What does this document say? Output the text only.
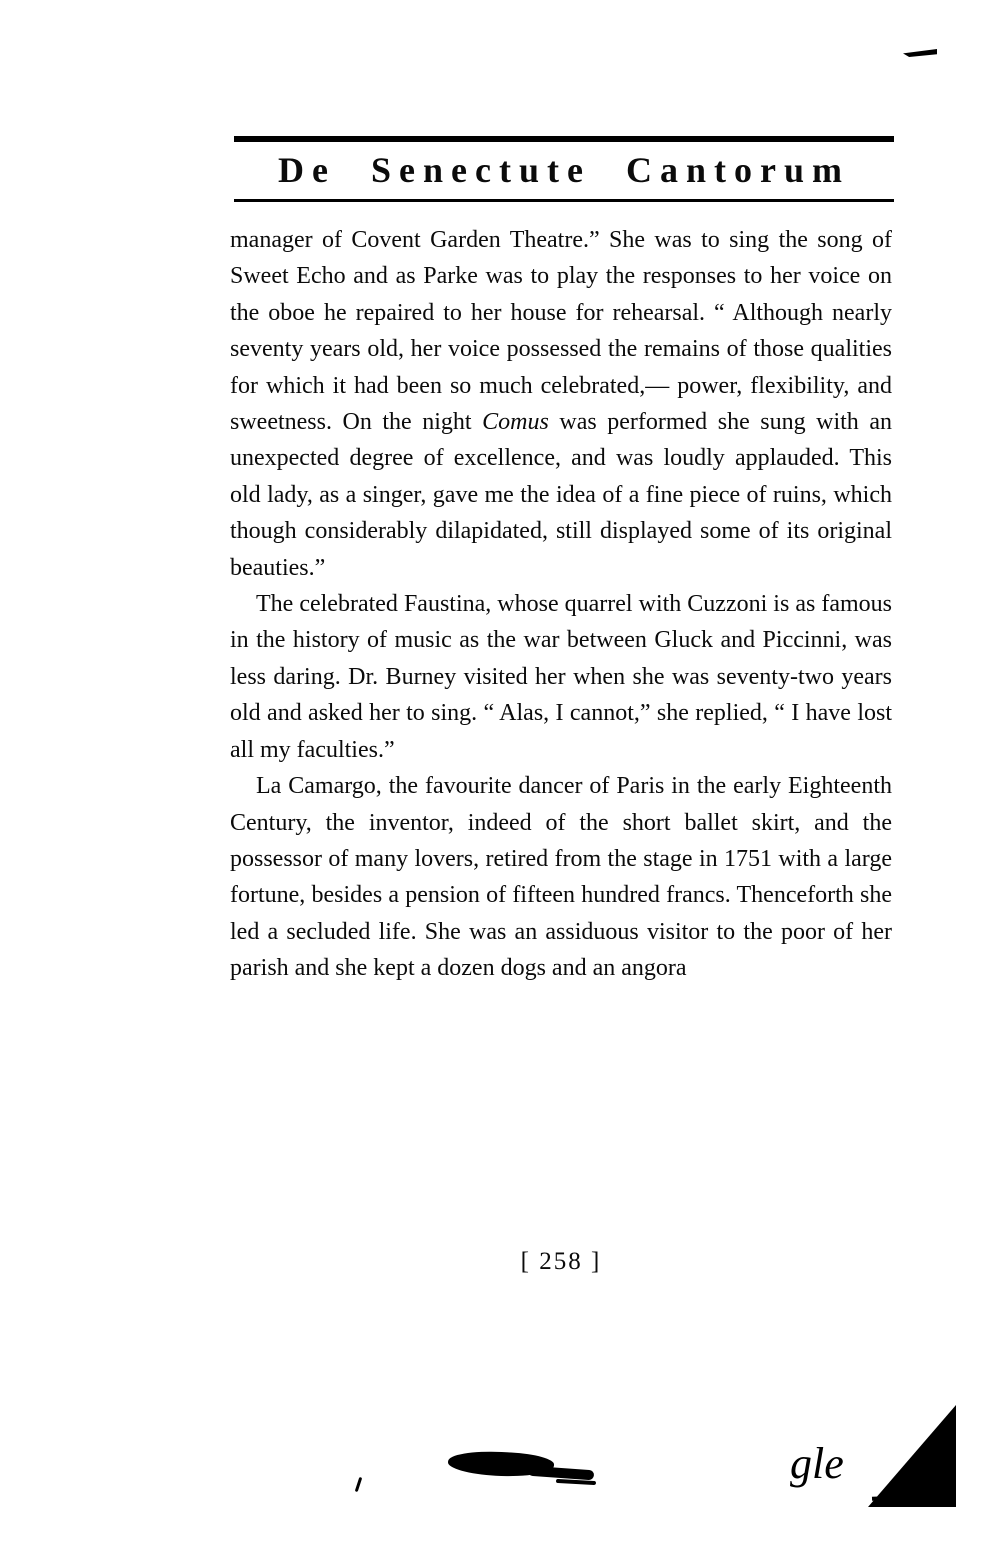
De Senectute Cantorum

manager of Covent Garden Theatre.” She was to sing the song of Sweet Echo and as Parke was to play the responses to her voice on the oboe he repaired to her house for rehearsal. “ Although nearly seventy years old, her voice possessed the remains of those qualities for which it had been so much celebrated,— power, flexibility, and sweetness. On the night Comus was performed she sung with an unexpected degree of excellence, and was loudly applauded. This old lady, as a singer, gave me the idea of a fine piece of ruins, which though considerably dilapidated, still displayed some of its original beauties.”

The celebrated Faustina, whose quarrel with Cuzzoni is as famous in the history of music as the war between Gluck and Piccinni, was less daring. Dr. Burney visited her when she was seventy-two years old and asked her to sing. “ Alas, I cannot,” she replied, “ I have lost all my faculties.”

La Camargo, the favourite dancer of Paris in the early Eighteenth Century, the inventor, indeed of the short ballet skirt, and the possessor of many lovers, retired from the stage in 1751 with a large fortune, besides a pension of fifteen hundred francs. Thenceforth she led a secluded life. She was an assiduous visitor to the poor of her parish and she kept a dozen dogs and an angora

[ 258 ]
gle
